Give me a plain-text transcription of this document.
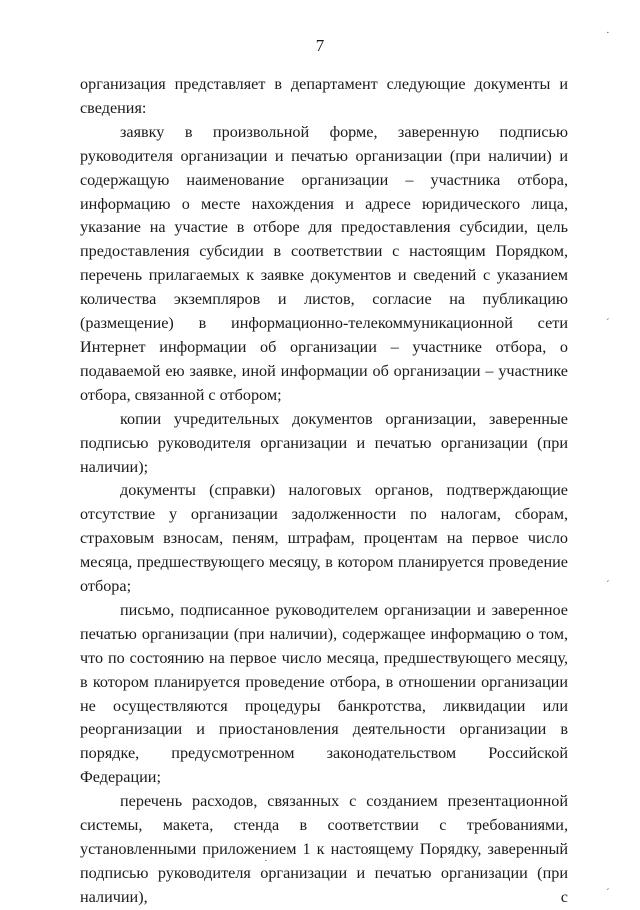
7

организация представляет в департамент следующие документы и сведения:

заявку в произвольной форме, заверенную подписью руководителя организации и печатью организации (при наличии) и содержащую наименование организации – участника отбора, информацию о месте нахождения и адресе юридического лица, указание на участие в отборе для предоставления субсидии, цель предоставления субсидии в соответствии с настоящим Порядком, перечень прилагаемых к заявке документов и сведений с указанием количества экземпляров и листов, согласие на публикацию (размещение) в информационно-телекоммуникационной сети Интернет информации об организации – участнике отбора, о подаваемой ею заявке, иной информации об организации – участнике отбора, связанной с отбором;

копии учредительных документов организации, заверенные подписью руководителя организации и печатью организации (при наличии);

документы (справки) налоговых органов, подтверждающие отсутствие у организации задолженности по налогам, сборам, страховым взносам, пеням, штрафам, процентам на первое число месяца, предшествующего месяцу, в котором планируется проведение отбора;

письмо, подписанное руководителем организации и заверенное печатью организации (при наличии), содержащее информацию о том, что по состоянию на первое число месяца, предшествующего месяцу, в котором планируется проведение отбора, в отношении организации не осуществляются процедуры банкротства, ликвидации или реорганизации и приостановления деятельности организации в порядке, предусмотренном законодательством Российской Федерации;

перечень расходов, связанных с созданием презентационной системы, макета, стенда в соответствии с требованиями, установленными приложением 1 к настоящему Порядку, заверенный подписью руководителя организации и печатью организации (при наличии), с

·
´
´
·
´
